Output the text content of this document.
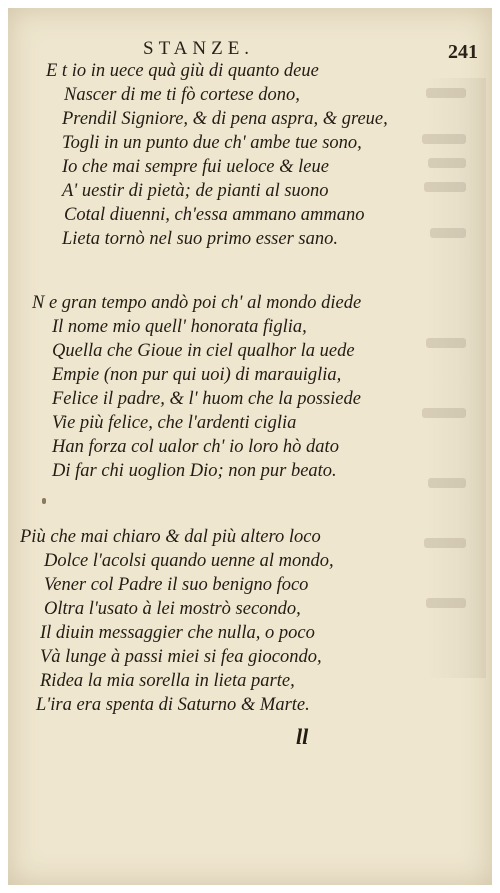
STANZE.	241
E t io in uece quà giù di quanto deue
Nascer di me ti fò cortese dono,
Prendil Signiore, & di pena aspra, & greue,
Togli in un punto due ch' ambe tue sono,
Io che mai sempre fui ueloce & leue
A' uestir di pietà; de pianti al suono
Cotal diuenni, ch'essa ammano ammano
Lieta tornò nel suo primo esser sano.
N e gran tempo andò poi ch' al mondo diede
Il nome mio quell' honorata figlia,
Quella che Gioue in ciel qualhor la uede
Empie (non pur qui uoi) di marauiglia,
Felice il padre, & l' huom che la possiede
Vie più felice, che l'ardenti ciglia
Han forza col ualor ch' io loro hò dato
Di far chi uoglion Dio; non pur beato.
Più che mai chiaro & dal più altero loco
Dolce l'acolsi quando uenne al mondo,
Vener col Padre il suo benigno foco
Oltra l'usato à lei mostrò secondo,
Il diuin messaggier che nulla, o poco
Và lunge à passi miei si fea giocondo,
Ridea la mia sorella in lieta parte,
L'ira era spenta di Saturno & Marte.
ll
